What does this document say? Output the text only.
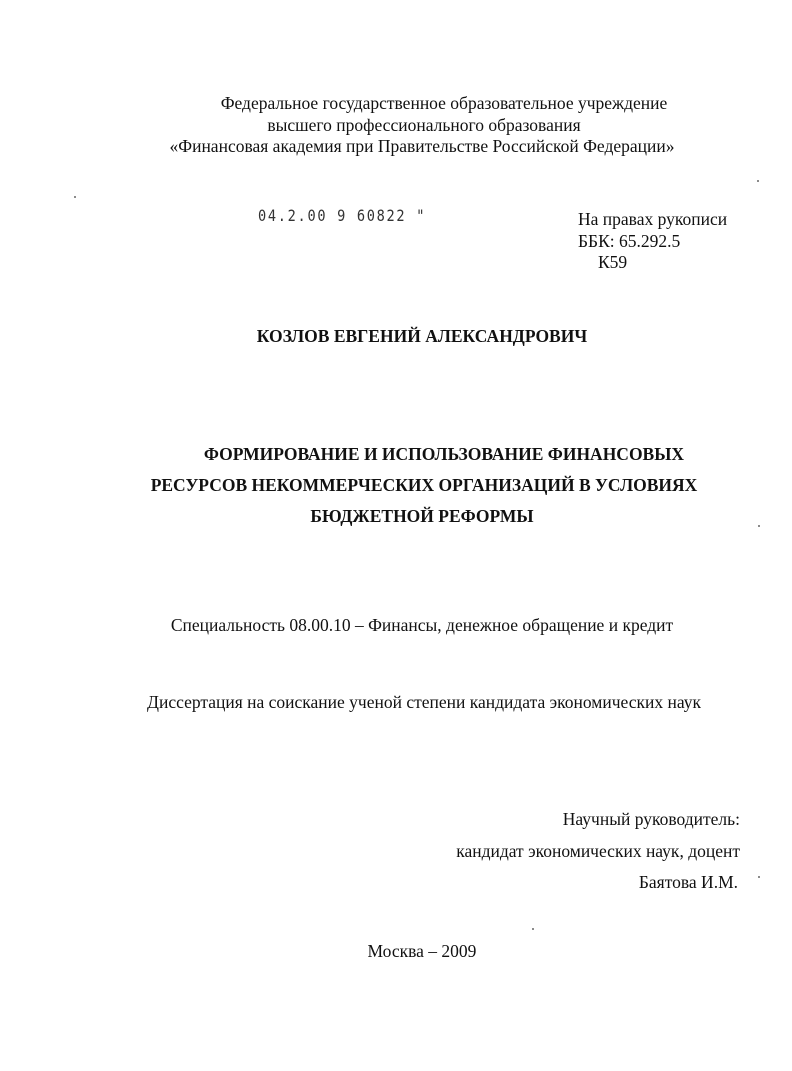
Федеральное государственное образовательное учреждение
высшего профессионального образования
«Финансовая академия при Правительстве Российской Федерации»
04.2.00 9 60822 "	На правах рукописи
ББК: 65.292.5
К59
КОЗЛОВ ЕВГЕНИЙ АЛЕКСАНДРОВИЧ
ФОРМИРОВАНИЕ И ИСПОЛЬЗОВАНИЕ ФИНАНСОВЫХ
РЕСУРСОВ НЕКОММЕРЧЕСКИХ ОРГАНИЗАЦИЙ В УСЛОВИЯХ
БЮДЖЕТНОЙ РЕФОРМЫ
Специальность 08.00.10 – Финансы, денежное обращение и кредит
Диссертация на соискание ученой степени кандидата экономических наук
Научный руководитель:
кандидат экономических наук, доцент
Баятова И.М.
Москва – 2009
